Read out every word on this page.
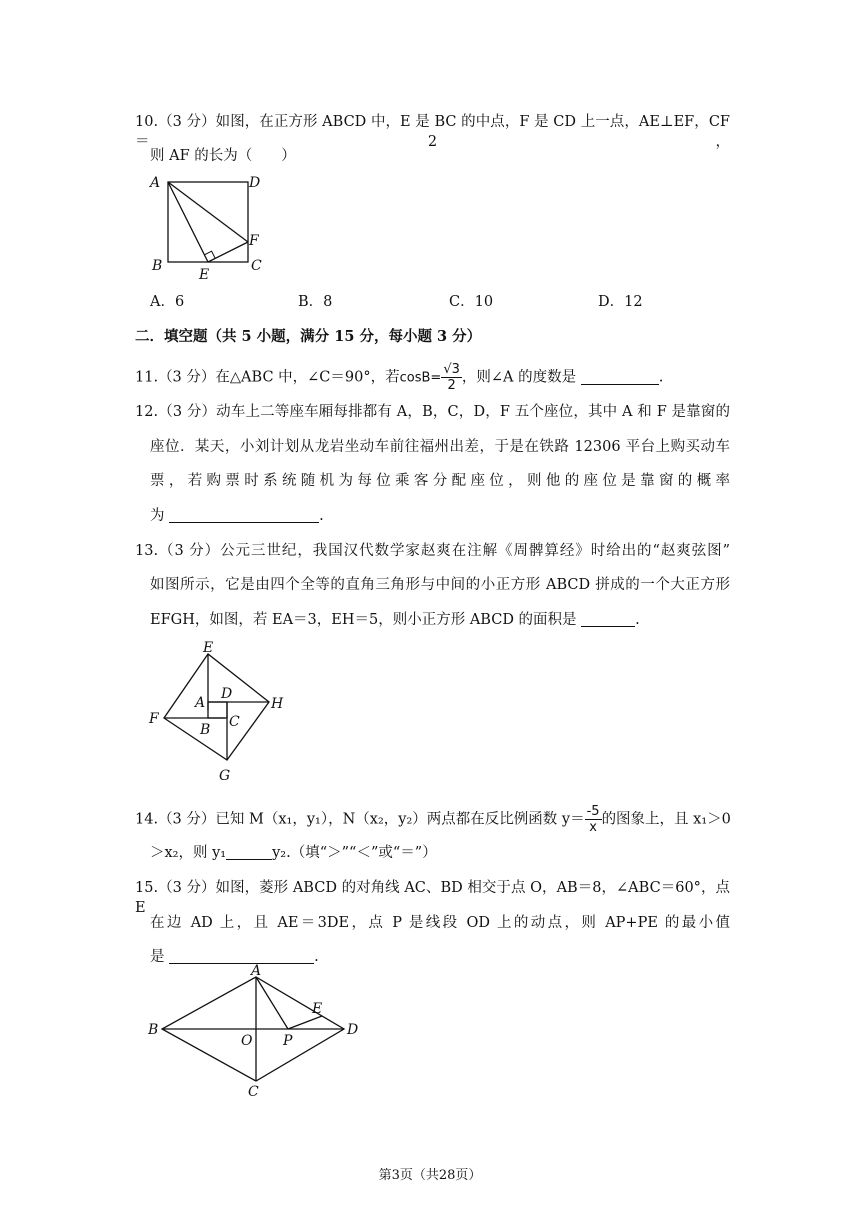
10.（3 分）如图，在正方形 ABCD 中，E 是 BC 的中点，F 是 CD 上一点，AE⊥EF，CF＝2，
则 AF 的长为（　　）
A	D
B	C
E
F
A．6	B．8	C．10	D．12
二．填空题（共 5 小题，满分 15 分，每小题 3 分）
11.（3 分）在△ABC 中，∠C＝90°，若$\cos B= \frac{√3}{2}$ ，则∠A 的度数是	.
12.（3 分）动车上二等座车厢每排都有 A，B，C，D，F 五个座位，其中 A 和 F 是靠窗的
座位．某天，小刘计划从龙岩坐动车前往福州出差，于是在铁路 12306 平台上购买动车
票，若购票时系统随机为每位乘客分配座位，则他的座位是靠窗的概率
为	.
13.（3 分）公元三世纪，我国汉代数学家赵爽在注解《周髀算经》时给出的“赵爽弦图”
如图所示，它是由四个全等的直角三角形与中间的小正方形 ABCD 拼成的一个大正方形
EFGH，如图，若 EA＝3，EH＝5，则小正方形 ABCD 的面积是	.
E
F
G
H
A
D
B C
14.（3 分）已知 M（x₁，y₁），N（x₂，y₂）两点都在反比例函数 $y= \frac{-5}{x}$ 的图象上，且 x₁＞0
＞x₂，则 y₁	y₂.（填“＞”“＜”或“＝”）
15.（3 分）如图，菱形 ABCD 的对角线 AC、BD 相交于点 O，AB＝8，∠ABC＝60°，点 E
在边 AD 上，且 AE＝3DE，点 P 是线段 OD 上的动点，则 AP+PE 的最小值
是	.
A
B
C
D
E
O P
第3页（共28页）
